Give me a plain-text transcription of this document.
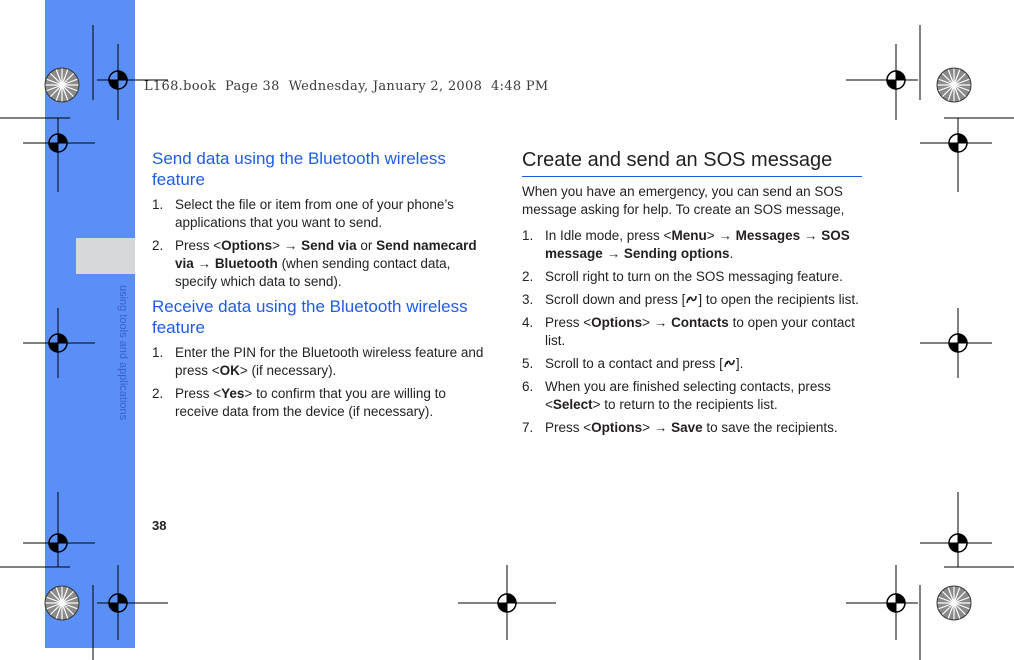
using tools and applications
L168.book  Page 38  Wednesday, January 2, 2008  4:48 PM
38
Send data using the Bluetooth wireless feature
1. Select the file or item from one of your phone’s applications that you want to send.
2. Press <Options> → Send via or Send namecard via → Bluetooth (when sending contact data, specify which data to send).
Receive data using the Bluetooth wireless feature
1. Enter the PIN for the Bluetooth wireless feature and press <OK> (if necessary).
2. Press <Yes> to confirm that you are willing to receive data from the device (if necessary).
Create and send an SOS message

When you have an emergency, you can send an SOS message asking for help. To create an SOS message,

1. In Idle mode, press <Menu> → Messages → SOS message → Sending options.
2. Scroll right to turn on the SOS messaging feature.
3. Scroll down and press [ ] to open the recipients list.
4. Press <Options> → Contacts to open your contact list.
5. Scroll to a contact and press [ ].
6. When you are finished selecting contacts, press <Select> to return to the recipients list.
7. Press <Options> → Save to save the recipients.
